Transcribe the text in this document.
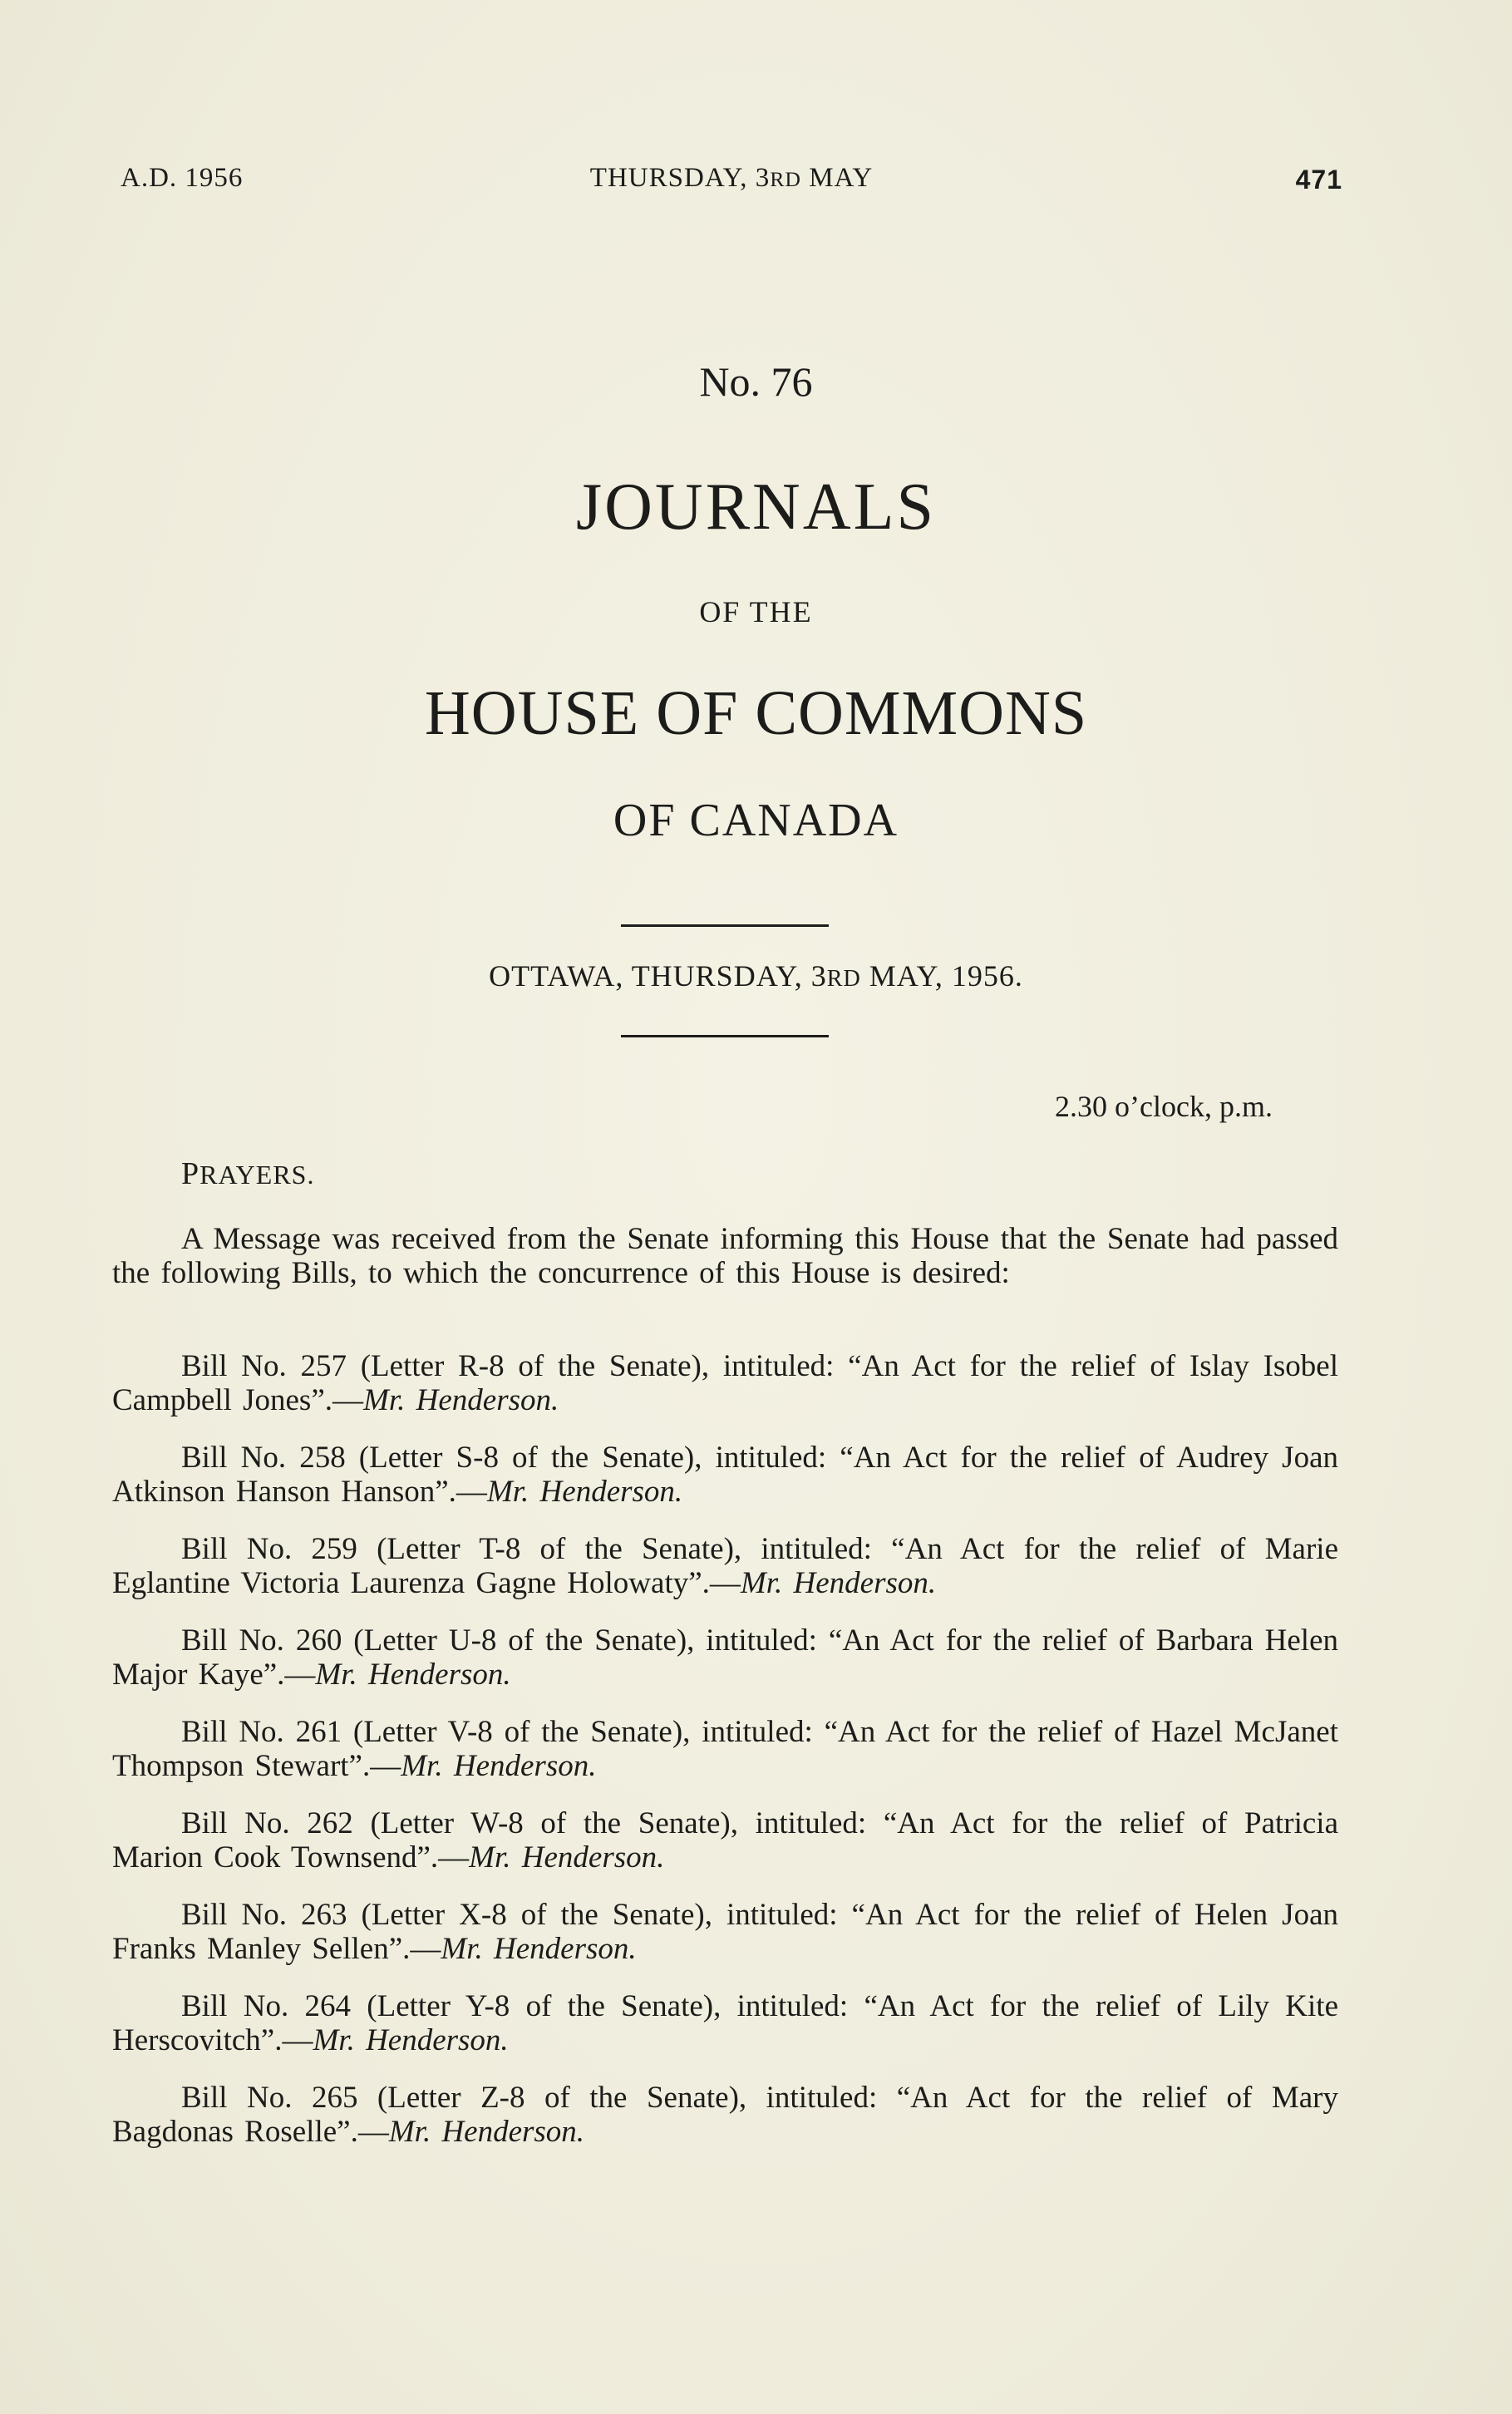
A.D. 1956	THURSDAY, 3RD MAY	471
No. 76
JOURNALS
OF THE
HOUSE OF COMMONS
OF CANADA
OTTAWA, THURSDAY, 3RD MAY, 1956.
2.30 o’clock, p.m.
PRAYERS.

A Message was received from the Senate informing this House that the Senate had passed the following Bills, to which the concurrence of this House is desired:

Bill No. 257 (Letter R-8 of the Senate), intituled: “An Act for the relief of Islay Isobel Campbell Jones”.—Mr. Henderson.

Bill No. 258 (Letter S-8 of the Senate), intituled: “An Act for the relief of Audrey Joan Atkinson Hanson Hanson”.—Mr. Henderson.

Bill No. 259 (Letter T-8 of the Senate), intituled: “An Act for the relief of Marie Eglantine Victoria Laurenza Gagne Holowaty”.—Mr. Henderson.

Bill No. 260 (Letter U-8 of the Senate), intituled: “An Act for the relief of Barbara Helen Major Kaye”.—Mr. Henderson.

Bill No. 261 (Letter V-8 of the Senate), intituled: “An Act for the relief of Hazel McJanet Thompson Stewart”.—Mr. Henderson.

Bill No. 262 (Letter W-8 of the Senate), intituled: “An Act for the relief of Patricia Marion Cook Townsend”.—Mr. Henderson.

Bill No. 263 (Letter X-8 of the Senate), intituled: “An Act for the relief of Helen Joan Franks Manley Sellen”.—Mr. Henderson.

Bill No. 264 (Letter Y-8 of the Senate), intituled: “An Act for the relief of Lily Kite Herscovitch”.—Mr. Henderson.

Bill No. 265 (Letter Z-8 of the Senate), intituled: “An Act for the relief of Mary Bagdonas Roselle”.—Mr. Henderson.
